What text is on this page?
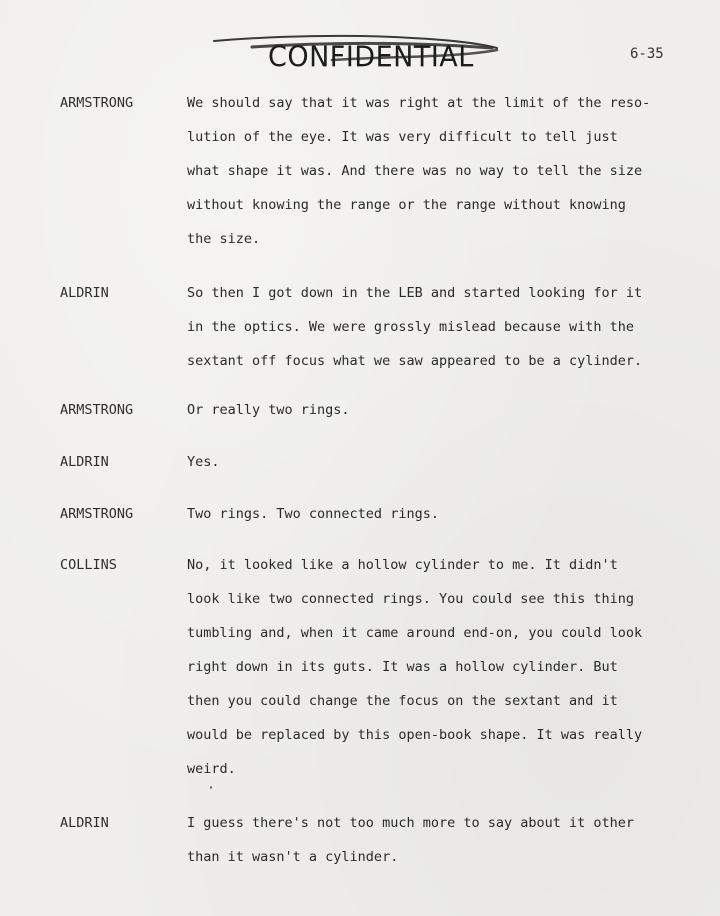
CONFIDENTIAL	6-35
ARMSTRONG	We should say that it was right at the limit of the reso-
lution of the eye. It was very difficult to tell just
what shape it was. And there was no way to tell the size
without knowing the range or the range without knowing
the size.
ALDRIN	So then I got down in the LEB and started looking for it
in the optics. We were grossly mislead because with the
sextant off focus what we saw appeared to be a cylinder.
ARMSTRONG	Or really two rings.
ALDRIN	Yes.
ARMSTRONG	Two rings. Two connected rings.
COLLINS	No, it looked like a hollow cylinder to me. It didn't
look like two connected rings. You could see this thing
tumbling and, when it came around end-on, you could look
right down in its guts. It was a hollow cylinder. But
then you could change the focus on the sextant and it
would be replaced by this open-book shape. It was really
weird.
ALDRIN	I guess there's not too much more to say about it other
than it wasn't a cylinder.
